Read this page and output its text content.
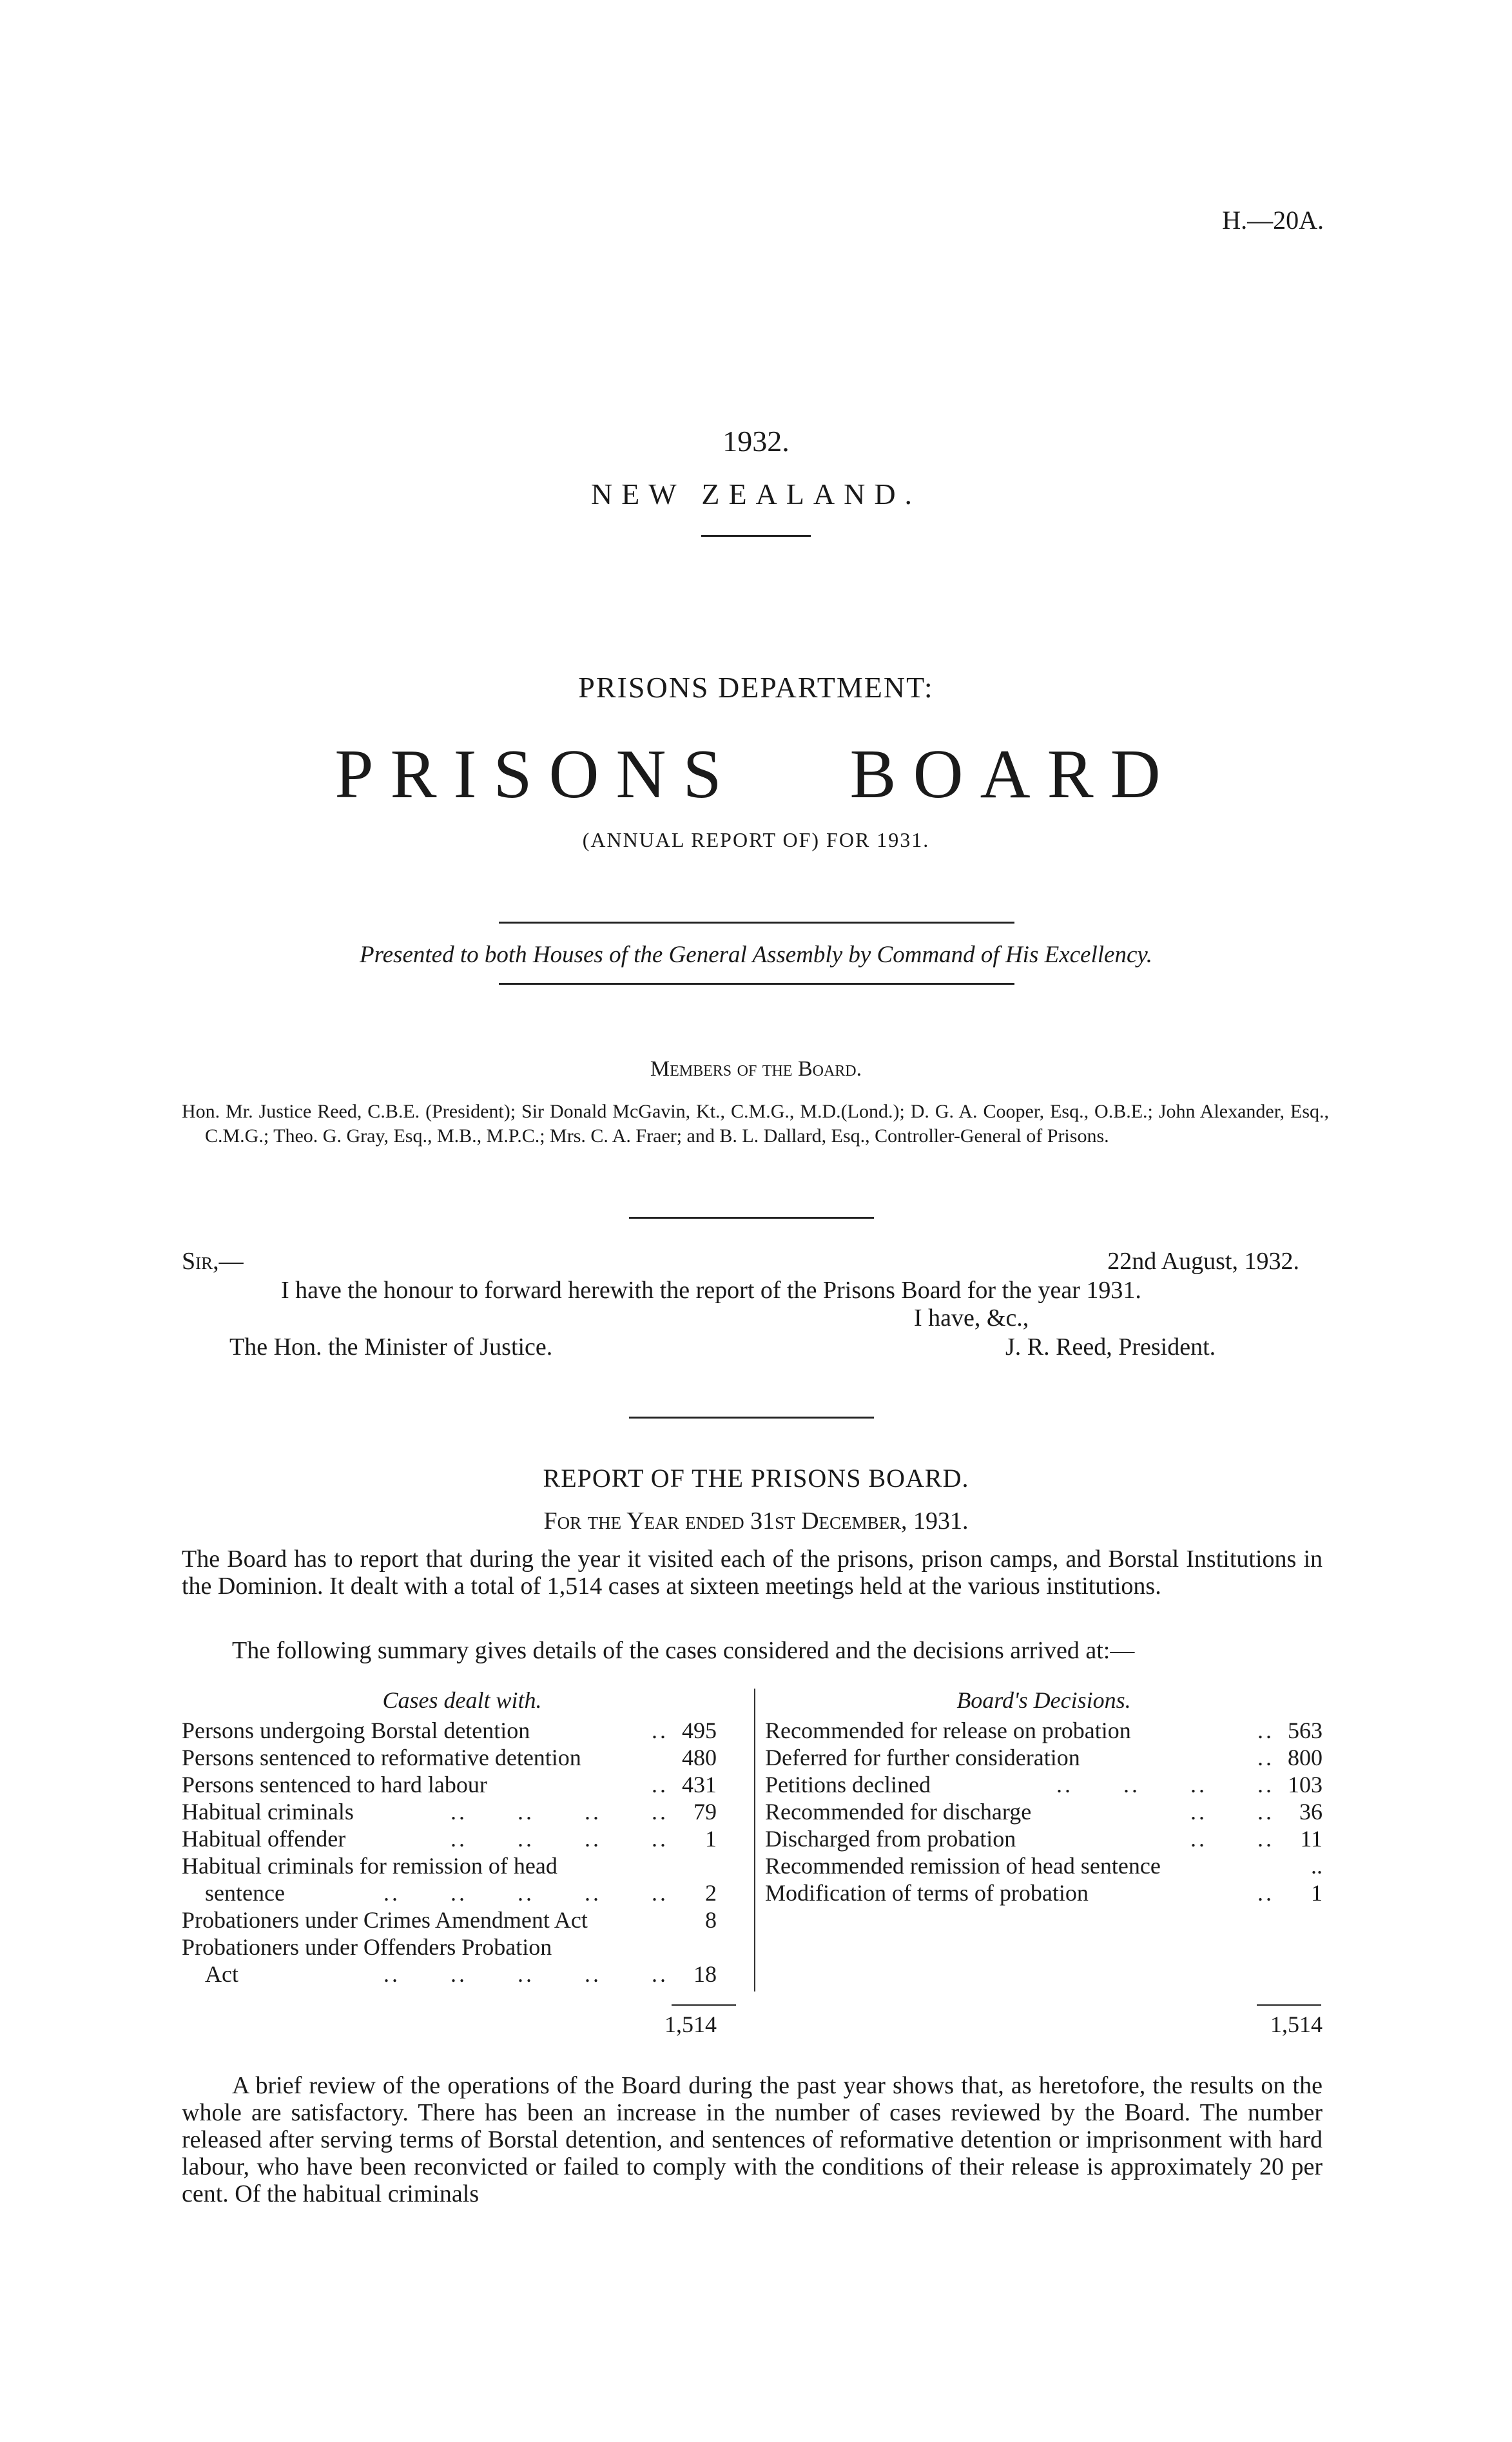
H.—20A.
1932.
NEW ZEALAND.
PRISONS DEPARTMENT:
PRISONS BOARD
(ANNUAL REPORT OF) FOR 1931.
Presented to both Houses of the General Assembly by Command of His Excellency.
Members of the Board.

Hon. Mr. Justice Reed, C.B.E. (President); Sir Donald McGavin, Kt., C.M.G., M.D.(Lond.); D. G. A. Cooper, Esq., O.B.E.; John Alexander, Esq., C.M.G.; Theo. G. Gray, Esq., M.B., M.P.C.; Mrs. C. A. Fraer; and B. L. Dallard, Esq., Controller-General of Prisons.

Sir,—	22nd August, 1932.
I have the honour to forward herewith the report of the Prisons Board for the year 1931.
I have, &c.,
The Hon. the Minister of Justice.	J. R. Reed, President.
REPORT OF THE PRISONS BOARD.
For the Year ended 31st December, 1931.
The Board has to report that during the year it visited each of the prisons, prison camps, and Borstal Institutions in the Dominion. It dealt with a total of 1,514 cases at sixteen meetings held at the various institutions.
The following summary gives details of the cases considered and the decisions arrived at:—
Cases dealt with.
Persons undergoing Borstal detention	.. 495
Persons sentenced to reformative detention	480
Persons sentenced to hard labour	.. 431
Habitual criminals	..      ..      ..      .. 79
Habitual offender	..      ..      ..      .. 1
Habitual criminals for remission of head
sentence	..      ..      ..      ..      .. 2
Probationers under Crimes Amendment Act	8
Probationers under Offenders Probation
Act	..      ..      ..      ..      .. 18
Board's Decisions.
Recommended for release on probation	.. 563
Deferred for further consideration	.. 800
Petitions declined	..      ..      ..      .. 103
Recommended for discharge	..      .. 36
Discharged from probation	..      .. 11
Recommended remission of head sentence	..
Modification of terms of probation	.. 1
1,514	1,514
A brief review of the operations of the Board during the past year shows that, as heretofore, the results on the whole are satisfactory. There has been an increase in the number of cases reviewed by the Board. The number released after serving terms of Borstal detention, and sentences of reformative detention or imprisonment with hard labour, who have been reconvicted or failed to comply with the conditions of their release is approximately 20 per cent. Of the habitual criminals
